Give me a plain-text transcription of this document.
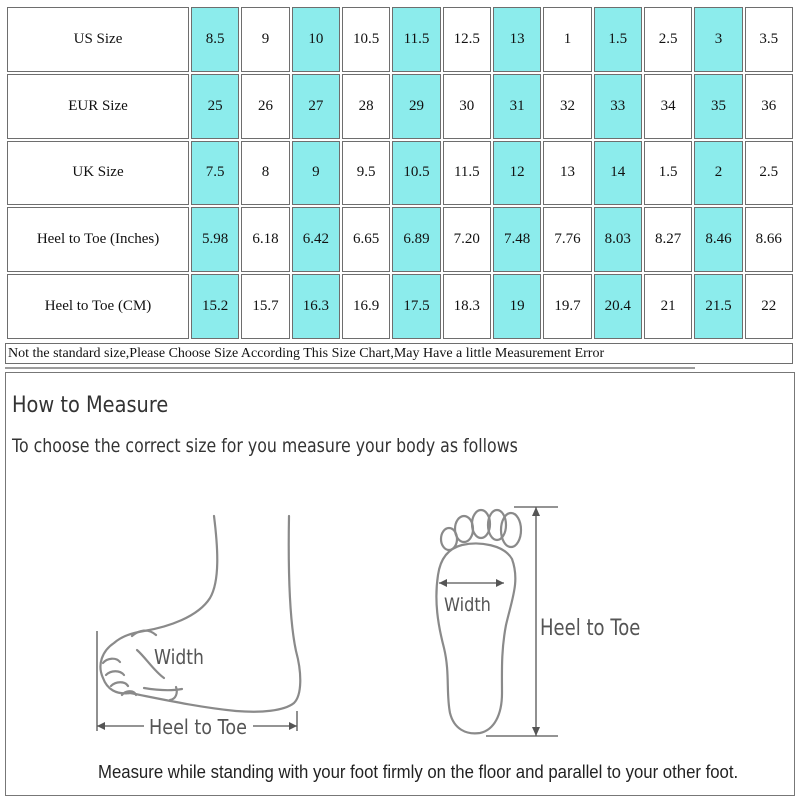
US Size	8.5	9	10	10.5	11.5	12.5	13	1	1.5	2.5	3	3.5
EUR Size	25	26	27	28	29	30	31	32	33	34	35	36
UK Size	7.5	8	9	9.5	10.5	11.5	12	13	14	1.5	2	2.5
Heel to Toe (Inches)	5.98	6.18	6.42	6.65	6.89	7.20	7.48	7.76	8.03	8.27	8.46	8.66
Heel to Toe (CM)	15.2	15.7	16.3	16.9	17.5	18.3	19	19.7	20.4	21	21.5	22
Not the standard size,Please Choose Size According This Size Chart,May Have a little Measurement Error
Heel to Toe
Width
Width
Heel to Toe
How to Measure
To choose the correct size for you measure your body as follows
Measure while standing with your foot firmly on the floor and parallel to your other foot.
